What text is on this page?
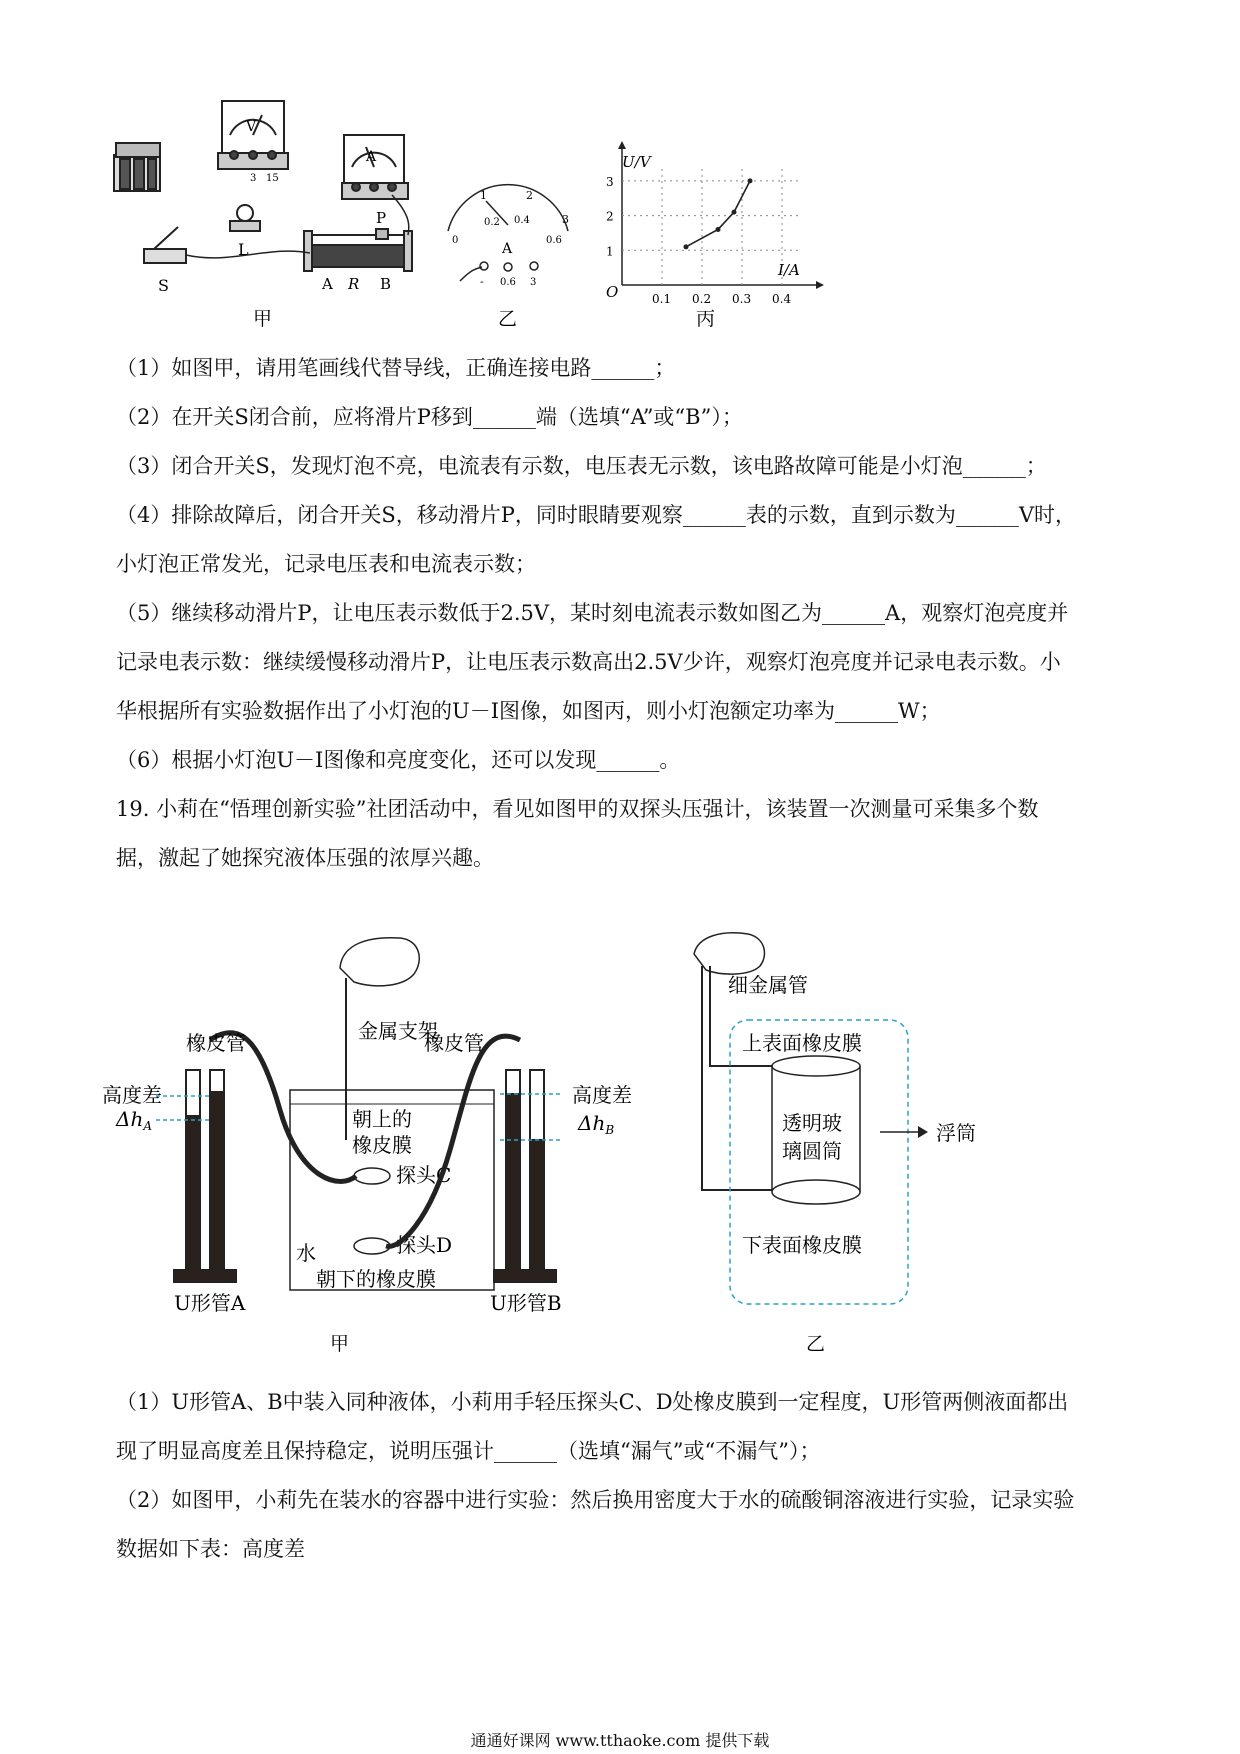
V
3 15
A
L
S
P
A R B
甲
1	2
3
0
0.2 0.4
0.6
A
- 0.6 3
乙
0.1 0.2 0.3 0.4
1
2
3
U/V
I/A
O
丙
（1）如图甲，请用笔画线代替导线，正确连接电路______；
（2）在开关S闭合前，应将滑片P移到______端（选填“A”或“B”）；
（3）闭合开关S，发现灯泡不亮，电流表有示数，电压表无示数，该电路故障可能是小灯泡______；
（4）排除故障后，闭合开关S，移动滑片P，同时眼睛要观察______表的示数，直到示数为______V时，
小灯泡正常发光，记录电压表和电流表示数；
（5）继续移动滑片P，让电压表示数低于2.5V，某时刻电流表示数如图乙为______A，观察灯泡亮度并
记录电表示数：继续缓慢移动滑片P，让电压表示数高出2.5V少许，观察灯泡亮度并记录电表示数。小
华根据所有实验数据作出了小灯泡的U－I图像，如图丙，则小灯泡额定功率为______W；
（6）根据小灯泡U－I图像和亮度变化，还可以发现______。
19. 小莉在“悟理创新实验”社团活动中，看见如图甲的双探头压强计，该装置一次测量可采集多个数
据，激起了她探究液体压强的浓厚兴趣。
金属支架
朝上的
橡皮膜
探头C
探头D
水
朝下的橡皮膜
橡皮管	橡皮管
高度差
$\Delta h_A$
U形管A
高度差
$\Delta h_B$
U形管B
甲
细金属管
上表面橡皮膜
透明玻
璃圆筒
浮筒
下表面橡皮膜
乙
（1）U形管A、B中装入同种液体，小莉用手轻压探头C、D处橡皮膜到一定程度，U形管两侧液面都出
现了明显高度差且保持稳定，说明压强计______（选填“漏气”或“不漏气”）；
（2）如图甲，小莉先在装水的容器中进行实验：然后换用密度大于水的硫酸铜溶液进行实验，记录实验
数据如下表：高度差
通通好课网 www.tthaoke.com 提供下载
